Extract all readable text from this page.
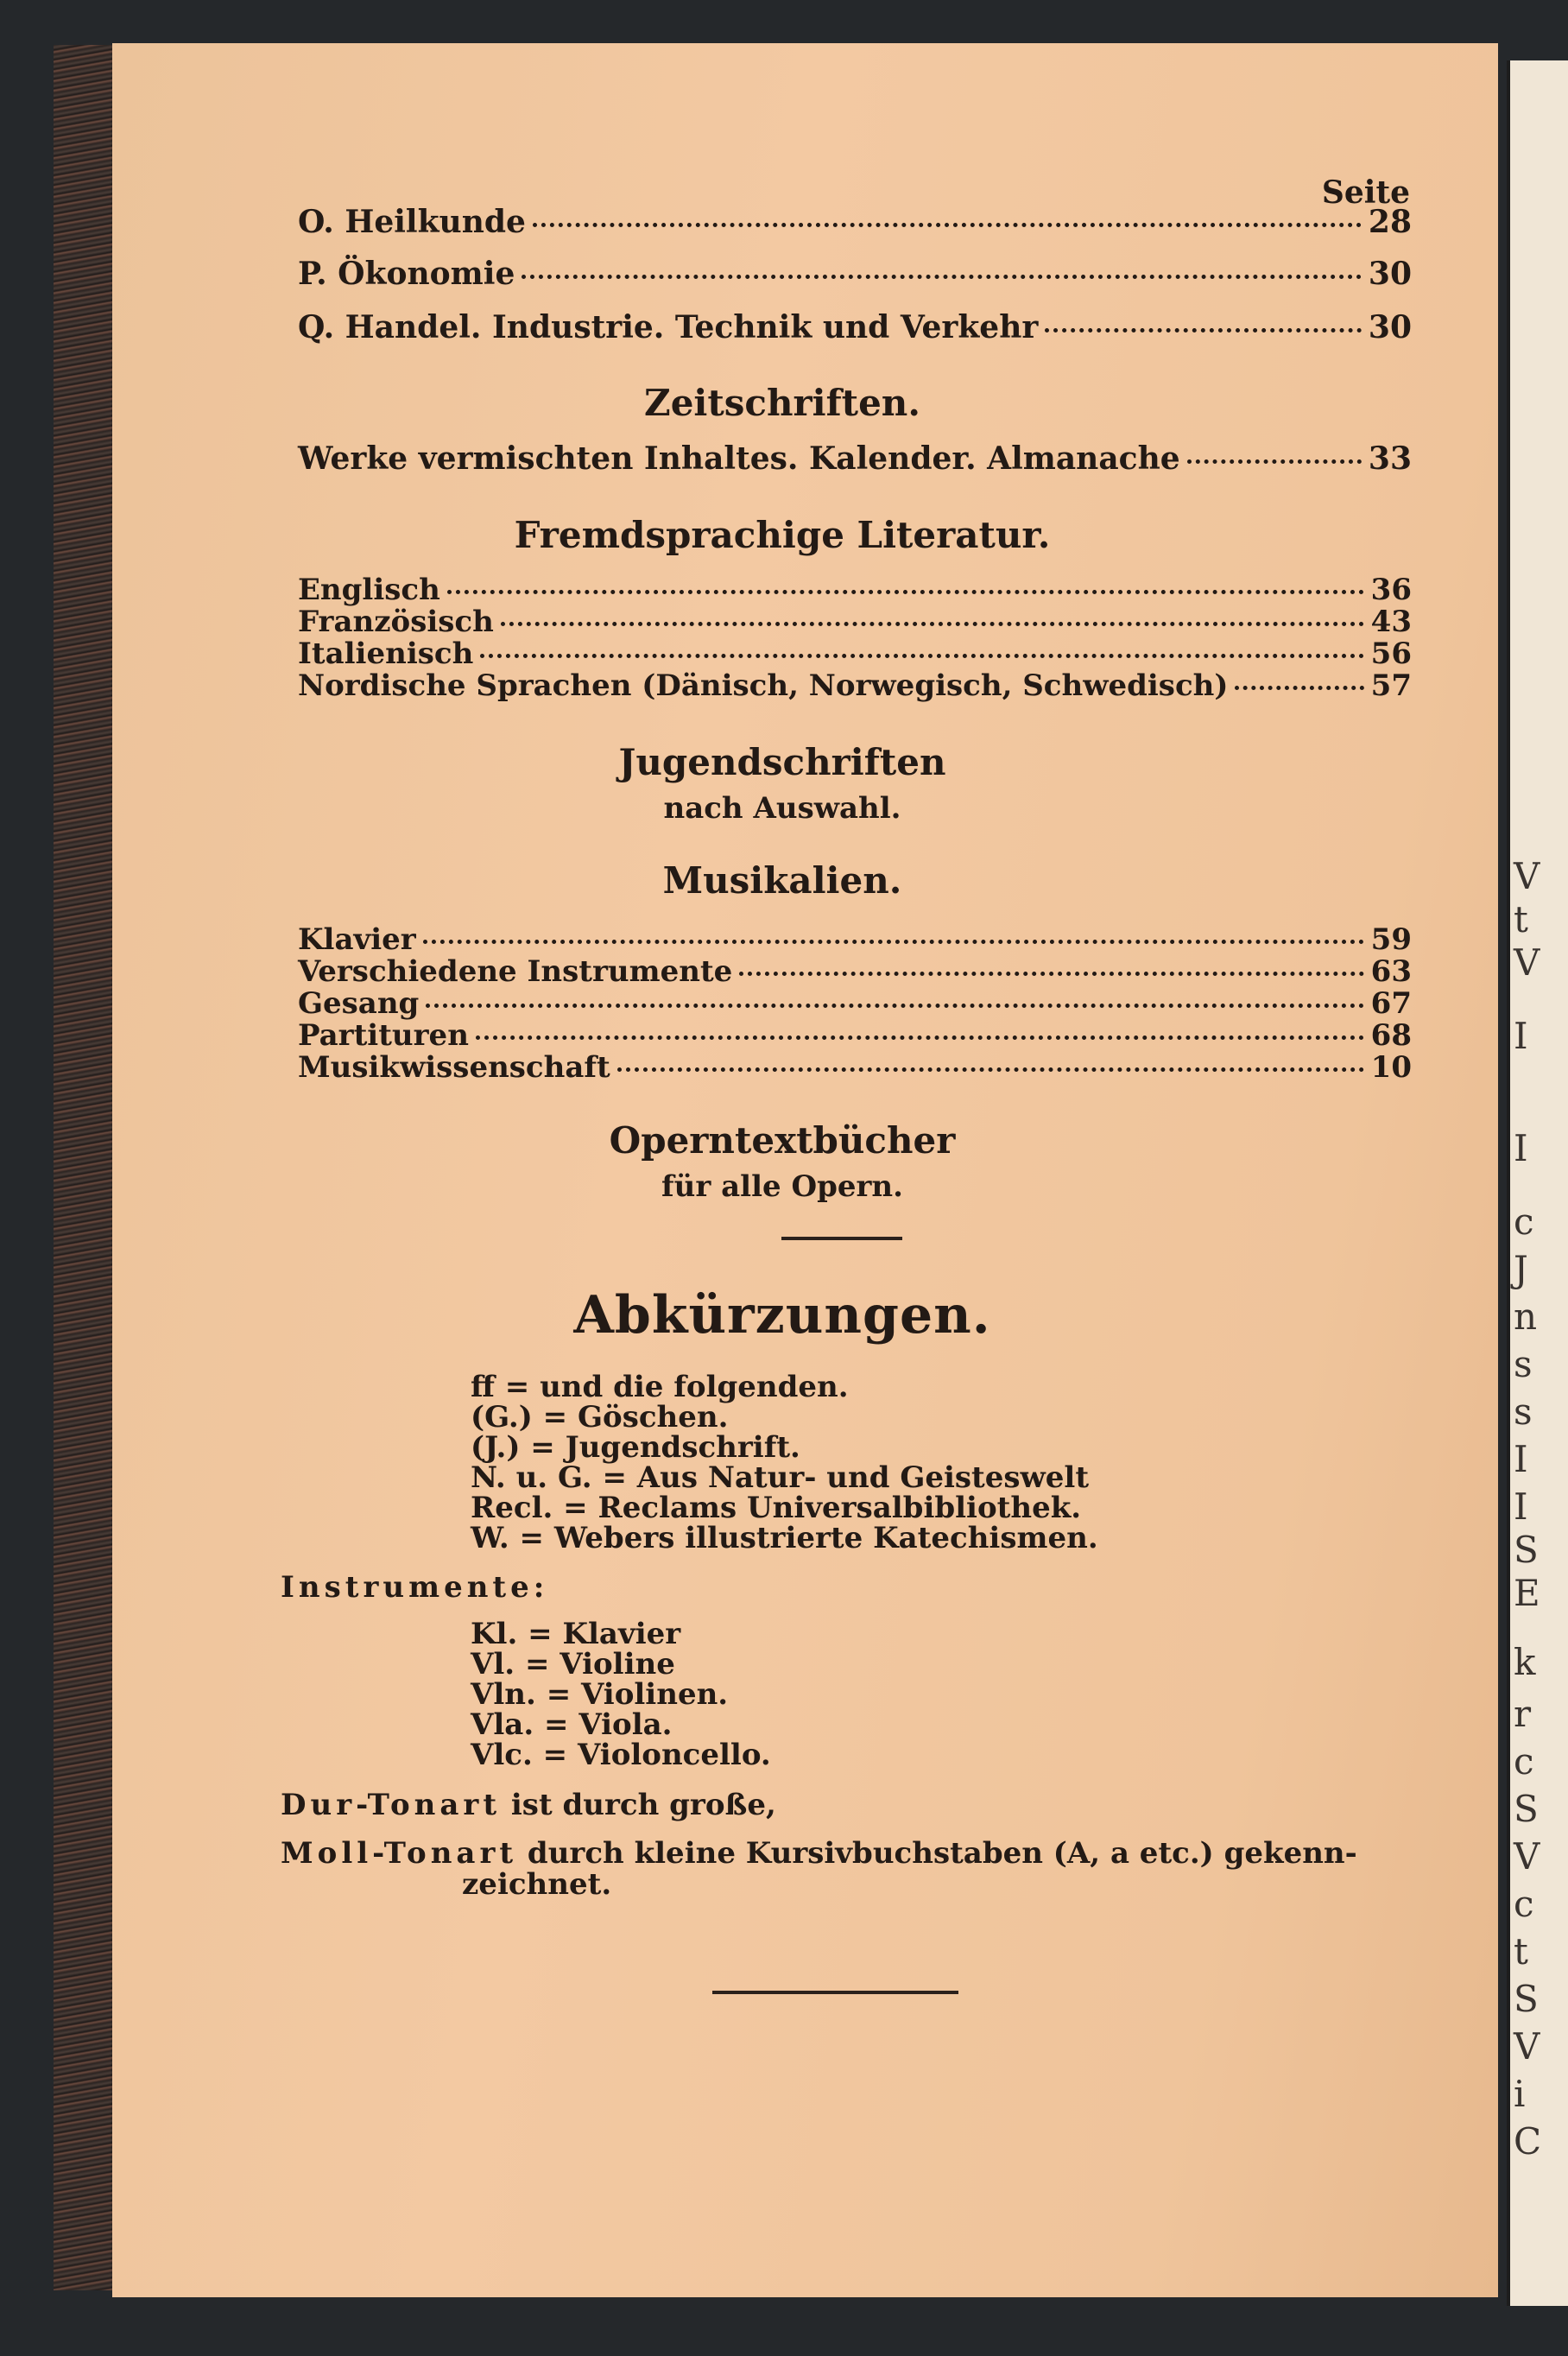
V
t
V
I
I
c
J
n
s
s
I
I
S
E
k
r
c
S
V
c
t
S
V
i
C
Seite
O. Heilkunde	28
P. Ökonomie	30
Q. Handel. Industrie. Technik und Verkehr	30
Zeitschriften.
Werke vermischten Inhaltes. Kalender. Almanache	33
Fremdsprachige Literatur.
Englisch	36
Französisch	43
Italienisch	56
Nordische Sprachen (Dänisch, Norwegisch, Schwedisch)	57
Jugendschriften
nach Auswahl.
Musikalien.
Klavier	59
Verschiedene Instrumente	63
Gesang	67
Partituren	68
Musikwissenschaft	10
Operntextbücher
für alle Opern.
Abkürzungen.
ff = und die folgenden.
(G.) = Göschen.
(J.) = Jugendschrift.
N. u. G. = Aus Natur- und Geisteswelt
Recl. = Reclams Universalbibliothek.
W. = Webers illustrierte Katechismen.
Instrumente:
Kl. = Klavier
Vl. = Violine
Vln. = Violinen.
Vla. = Viola.
Vlc. = Violoncello.
Dur-Tonart ist durch große,
Moll-Tonart durch kleine Kursivbuchstaben (A, a etc.) gekenn-
zeichnet.
